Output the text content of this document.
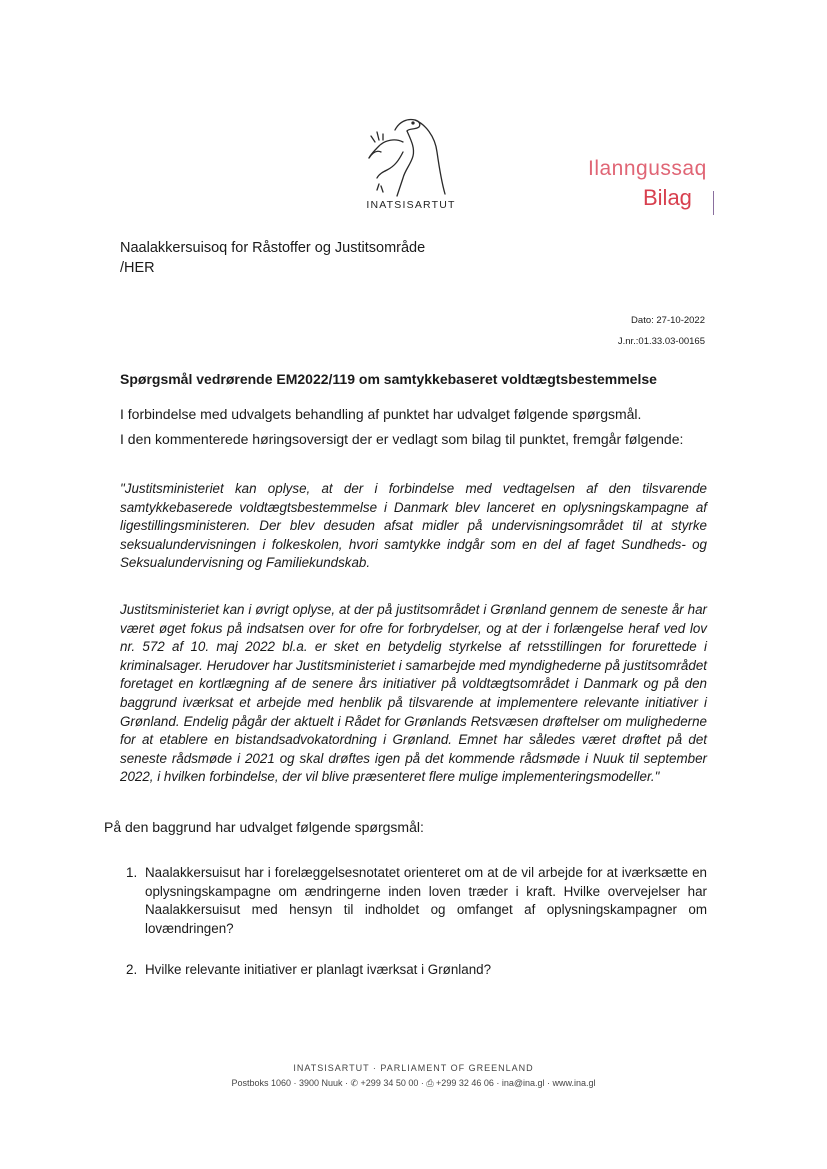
INATSISARTUT
Ilanngussaq
Bilag
Naalakkersuisoq for Råstoffer og Justitsområde
/HER
Dato: 27-10-2022
J.nr.:01.33.03-00165
Spørgsmål vedrørende EM2022/119 om samtykkebaseret voldtægtsbestemmelse
I forbindelse med udvalgets behandling af punktet har udvalget følgende spørgsmål.
I den kommenterede høringsoversigt der er vedlagt som bilag til punktet, fremgår følgende:
"Justitsministeriet kan oplyse, at der i forbindelse med vedtagelsen af den tilsvarende samtykkebaserede voldtægtsbestemmelse i Danmark blev lanceret en oplysningskampagne af ligestillingsministeren. Der blev desuden afsat midler på undervisningsområdet til at styrke seksualundervisningen i folkeskolen, hvori samtykke indgår som en del af faget Sundheds- og Seksualundervisning og Familiekundskab.
Justitsministeriet kan i øvrigt oplyse, at der på justitsområdet i Grønland gennem de seneste år har været øget fokus på indsatsen over for ofre for forbrydelser, og at der i forlængelse heraf ved lov nr. 572 af 10. maj 2022 bl.a. er sket en betydelig styrkelse af retsstillingen for forurettede i kriminalsager. Herudover har Justitsministeriet i samarbejde med myndighederne på justitsområdet foretaget en kortlægning af de senere års initiativer på voldtægtsområdet i Danmark og på den baggrund iværksat et arbejde med henblik på tilsvarende at implementere relevante initiativer i Grønland. Endelig pågår der aktuelt i Rådet for Grønlands Retsvæsen drøftelser om mulighederne for at etablere en bistandsadvokatordning i Grønland. Emnet har således været drøftet på det seneste rådsmøde i 2021 og skal drøftes igen på det kommende rådsmøde i Nuuk til september 2022, i hvilken forbindelse, der vil blive præsenteret flere mulige implementeringsmodeller."
På den baggrund har udvalget følgende spørgsmål:
1. Naalakkersuisut har i forelæggelsesnotatet orienteret om at de vil arbejde for at iværksætte en oplysningskampagne om ændringerne inden loven træder i kraft. Hvilke overvejelser har Naalakkersuisut med hensyn til indholdet og omfanget af oplysningskampagner om lovændringen?
2. Hvilke relevante initiativer er planlagt iværksat i Grønland?
INATSISARTUT · PARLIAMENT OF GREENLAND
Postboks 1060 · 3900 Nuuk · ✆ +299 34 50 00 · ⎙ +299 32 46 06 · ina@ina.gl · www.ina.gl
